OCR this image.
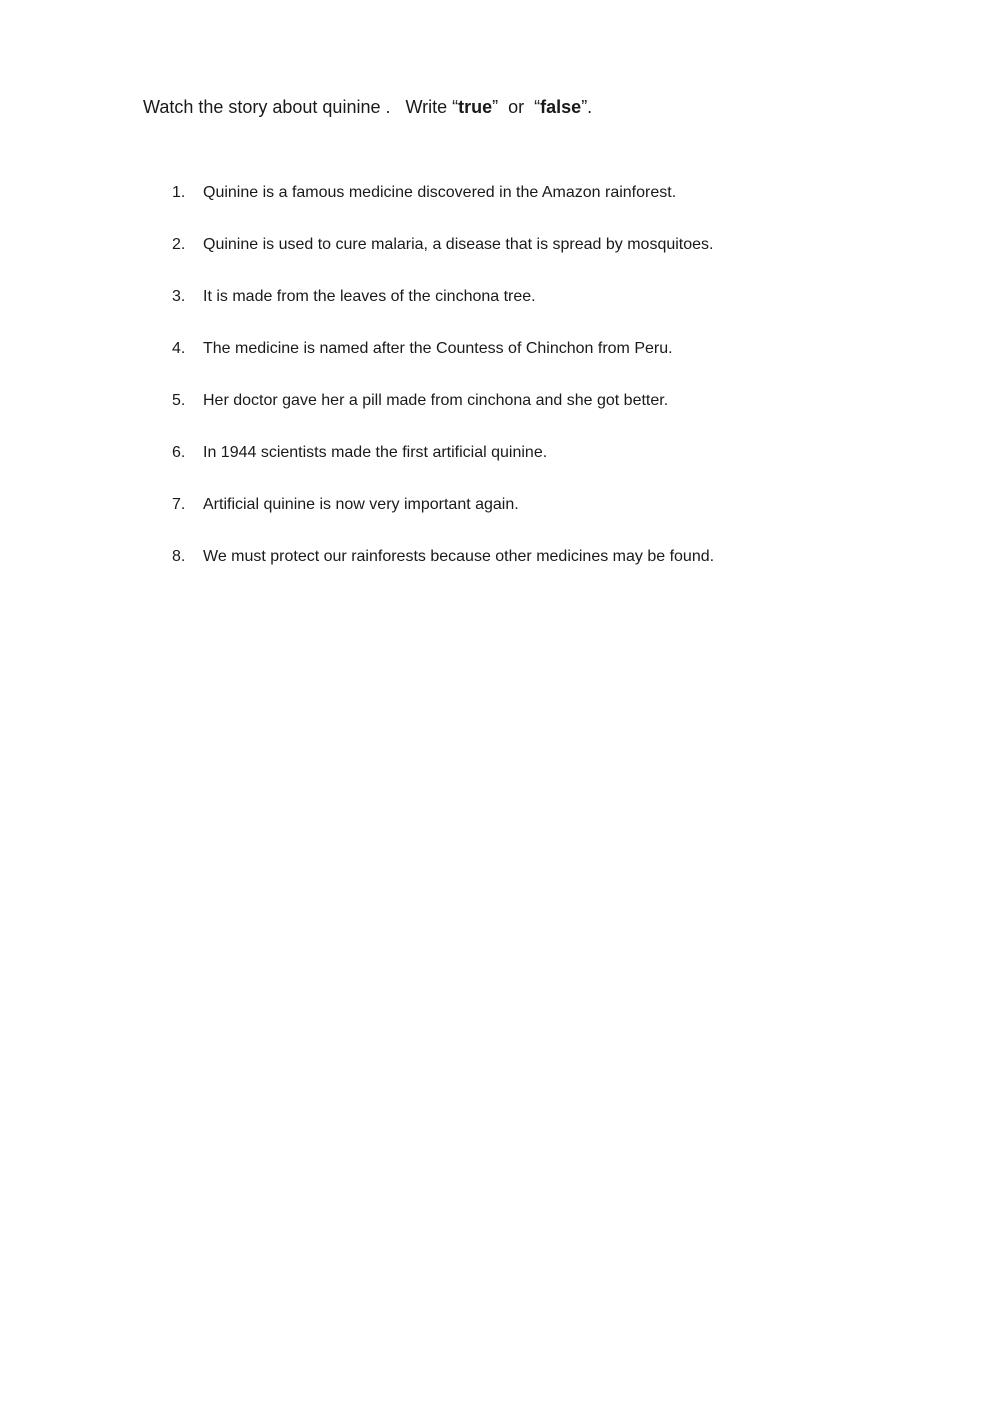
Watch the story about quinine .   Write “true”  or  “false”.

1. Quinine is a famous medicine discovered in the Amazon rainforest.
2. Quinine is used to cure malaria, a disease that is spread by mosquitoes.
3. It is made from the leaves of the cinchona tree.
4. The medicine is named after the Countess of Chinchon from Peru.
5. Her doctor gave her a pill made from cinchona and she got better.
6. In 1944 scientists made the first artificial quinine.
7. Artificial quinine is now very important again.
8. We must protect our rainforests because other medicines may be found.
